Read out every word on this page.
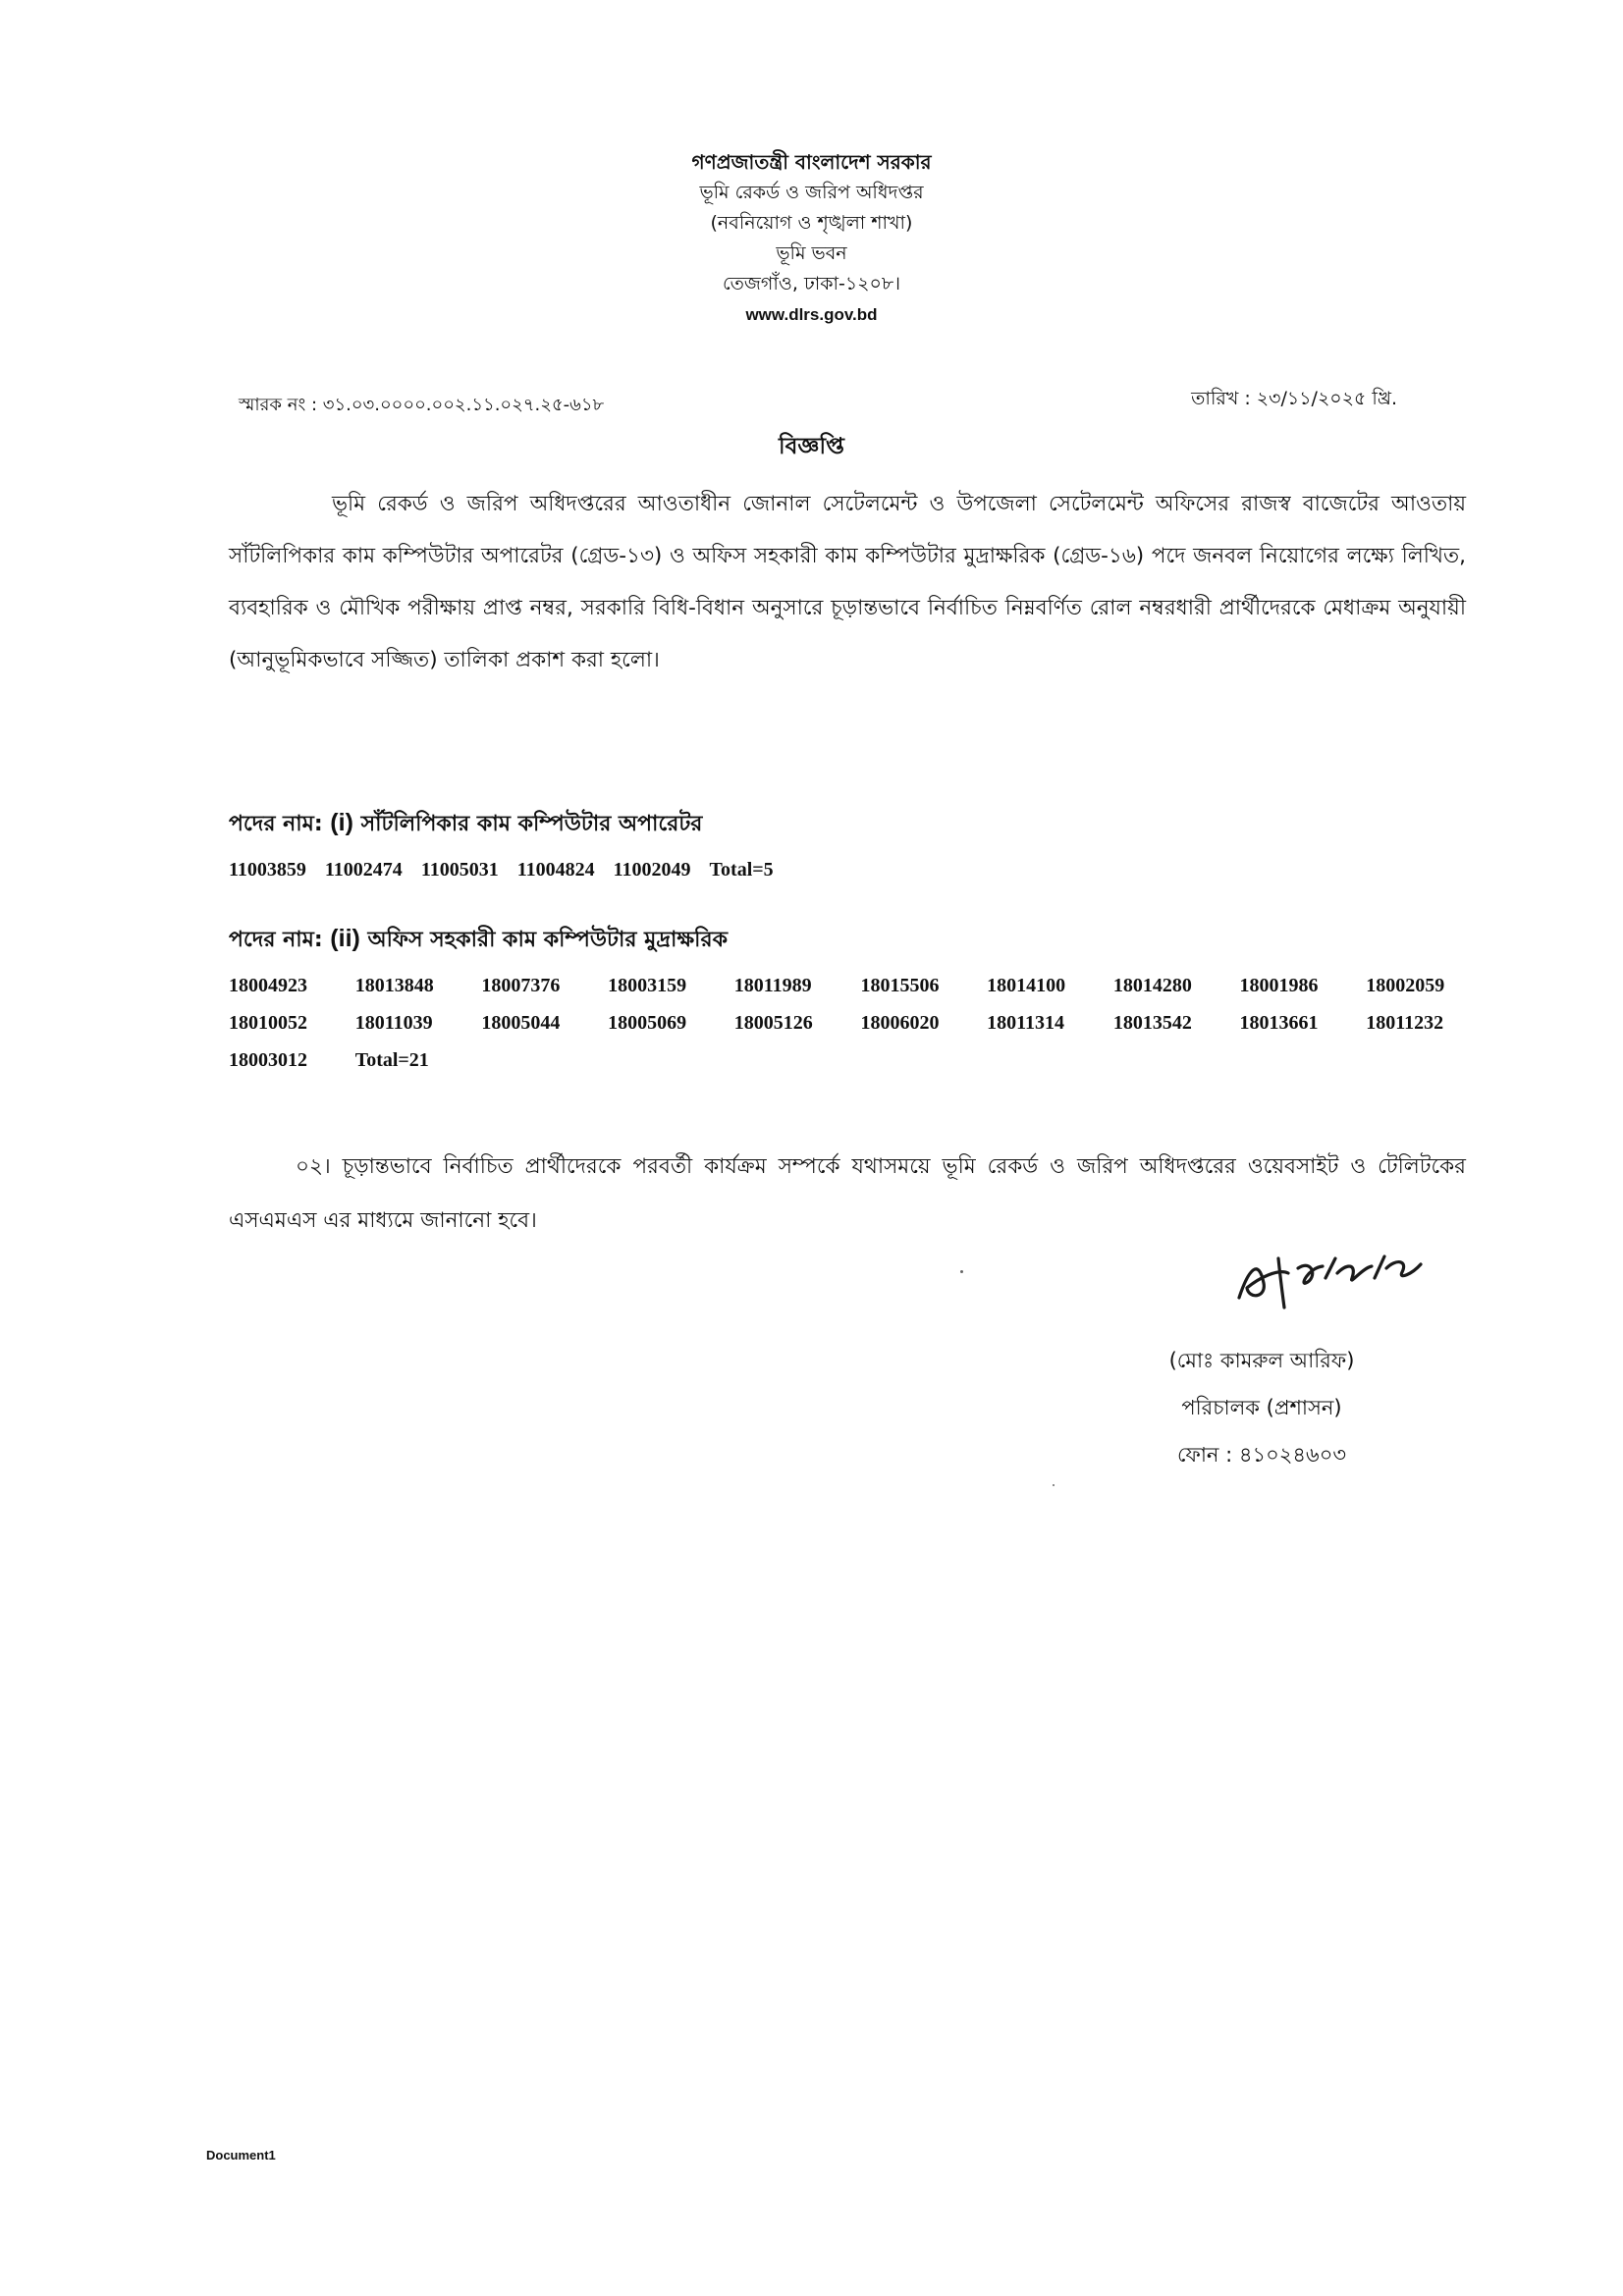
গণপ্রজাতন্ত্রী বাংলাদেশ সরকার
ভূমি রেকর্ড ও জরিপ অধিদপ্তর
(নবনিয়োগ ও শৃঙ্খলা শাখা)
ভূমি ভবন
তেজগাঁও, ঢাকা-১২০৮।
www.dlrs.gov.bd
স্মারক নং : ৩১.০৩.০০০০.০০২.১১.০২৭.২৫-৬১৮	তারিখ : ২৩/১১/২০২৫ খ্রি.
বিজ্ঞপ্তি
ভূমি রেকর্ড ও জরিপ অধিদপ্তরের আওতাধীন জোনাল সেটেলমেন্ট ও উপজেলা সেটেলমেন্ট অফিসের রাজস্ব বাজেটের আওতায় সাঁটলিপিকার কাম কম্পিউটার অপারেটর (গ্রেড-১৩) ও অফিস সহকারী কাম কম্পিউটার মুদ্রাক্ষরিক (গ্রেড-১৬) পদে জনবল নিয়োগের লক্ষ্যে লিখিত, ব্যবহারিক ও মৌখিক পরীক্ষায় প্রাপ্ত নম্বর, সরকারি বিধি-বিধান অনুসারে চূড়ান্তভাবে নির্বাচিত নিম্নবর্ণিত রোল নম্বরধারী প্রার্থীদেরকে মেধাক্রম অনুযায়ী (আনুভূমিকভাবে সজ্জিত) তালিকা প্রকাশ করা হলো।
পদের নাম: (i) সাঁটলিপিকার কাম কম্পিউটার অপারেটর
11003859 11002474 11005031 11004824 11002049 Total=5
পদের নাম: (ii) অফিস সহকারী কাম কম্পিউটার মুদ্রাক্ষরিক
18004923	18013848	18007376	18003159	18011989	18015506	18014100	18014280	18001986	18002059
18010052	18011039	18005044	18005069	18005126	18006020	18011314	18013542	18013661	18011232
18003012	Total=21
০২। চূড়ান্তভাবে নির্বাচিত প্রার্থীদেরকে পরবর্তী কার্যক্রম সম্পর্কে যথাসময়ে ভূমি রেকর্ড ও জরিপ অধিদপ্তরের ওয়েবসাইট ও টেলিটকের এসএমএস এর মাধ্যমে জানানো হবে।
(মোঃ কামরুল আরিফ)
পরিচালক (প্রশাসন)
ফোন : ৪১০২৪৬০৩
Document1
